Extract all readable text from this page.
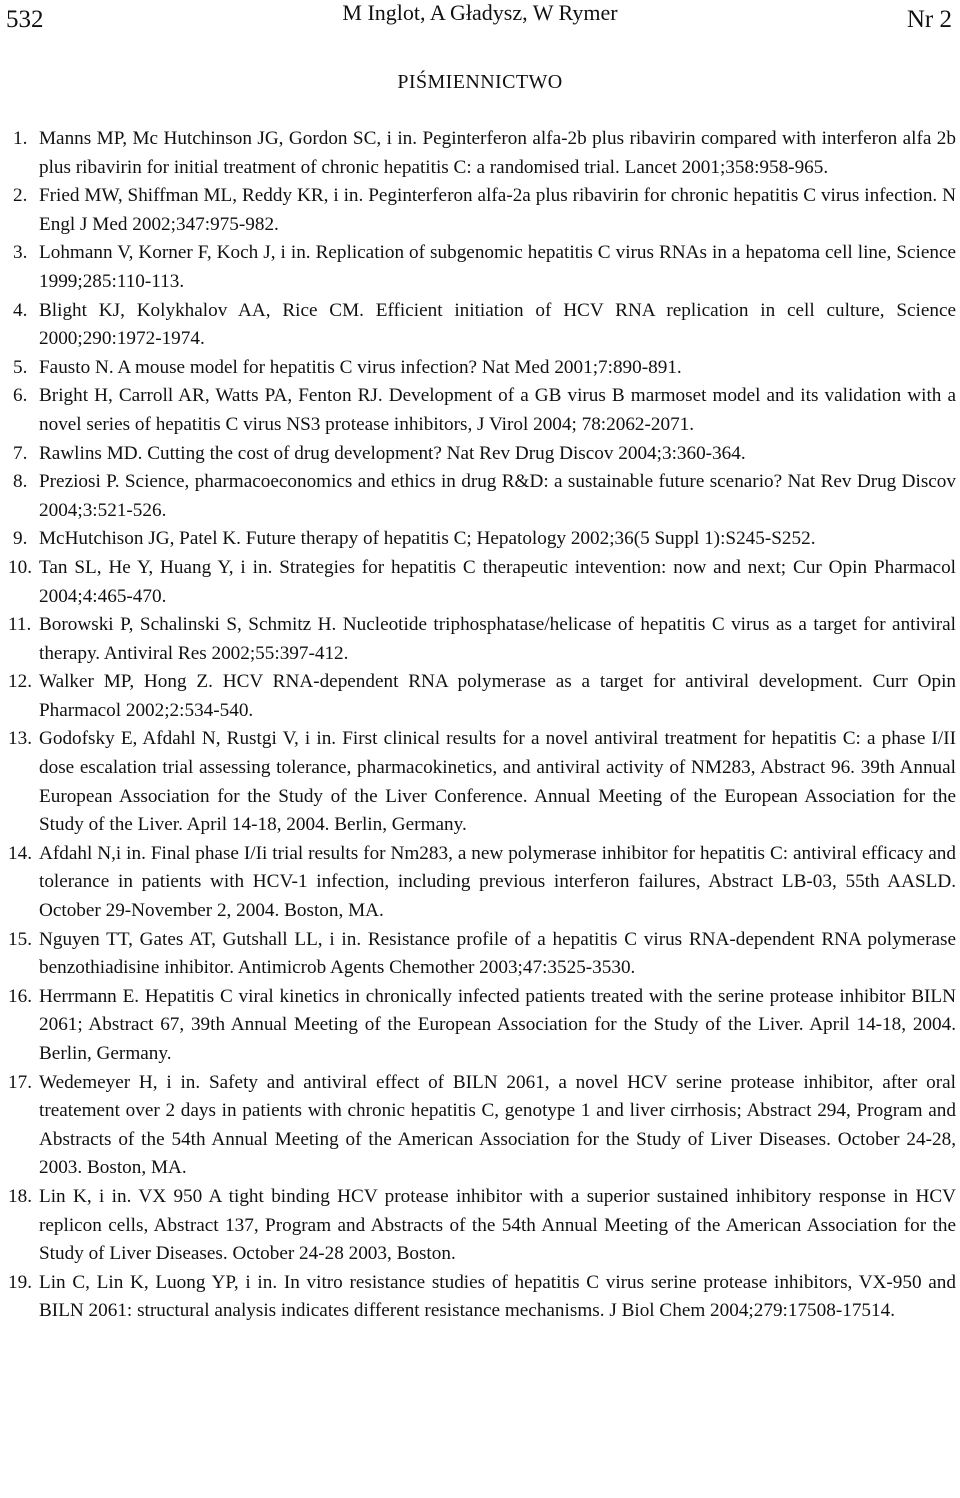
532	M Inglot, A Gładysz, W Rymer	Nr 2
PIŚMIENNICTWO
1. Manns MP, Mc Hutchinson JG, Gordon SC, i in. Peginterferon alfa-2b plus ribavirin compared with interferon alfa 2b plus ribavirin for initial treatment of chronic hepatitis C: a randomised trial. Lancet 2001;358:958-965.
2. Fried MW, Shiffman ML, Reddy KR, i in. Peginterferon alfa-2a plus ribavirin for chronic hepatitis C virus infection. N Engl J Med 2002;347:975-982.
3. Lohmann V, Korner F, Koch J, i in. Replication of subgenomic hepatitis C virus RNAs in a hepatoma cell line, Science 1999;285:110-113.
4. Blight KJ, Kolykhalov AA, Rice CM. Efficient initiation of HCV RNA replication in cell culture, Science 2000;290:1972-1974.
5. Fausto N. A mouse model for hepatitis C virus infection? Nat Med 2001;7:890-891.
6. Bright H, Carroll AR, Watts PA, Fenton RJ. Development of a GB virus B marmoset model and its validation with a novel series of hepatitis C virus NS3 protease inhibitors, J Virol 2004; 78:2062-2071.
7. Rawlins MD. Cutting the cost of drug development? Nat Rev Drug Discov 2004;3:360-364.
8. Preziosi P. Science, pharmacoeconomics and ethics in drug R&D: a sustainable future scenario? Nat Rev Drug Discov 2004;3:521-526.
9. McHutchison JG, Patel K. Future therapy of hepatitis C; Hepatology 2002;36(5 Suppl 1):S245-S252.
10. Tan SL, He Y, Huang Y, i in. Strategies for hepatitis C therapeutic intevention: now and next; Cur Opin Pharmacol 2004;4:465-470.
11. Borowski P, Schalinski S, Schmitz H. Nucleotide triphosphatase/helicase of hepatitis C virus as a target for antiviral therapy. Antiviral Res 2002;55:397-412.
12. Walker MP, Hong Z. HCV RNA-dependent RNA polymerase as a target for antiviral development. Curr Opin Pharmacol 2002;2:534-540.
13. Godofsky E, Afdahl N, Rustgi V, i in. First clinical results for a novel antiviral treatment for hepatitis C: a phase I/II dose escalation trial assessing tolerance, pharmacokinetics, and antiviral activity of NM283, Abstract 96. 39th Annual European Association for the Study of the Liver Conference. Annual Meeting of the European Association for the Study of the Liver. April 14-18, 2004. Berlin, Germany.
14. Afdahl N,i in. Final phase I/Ii trial results for Nm283, a new polymerase inhibitor for hepatitis C: antiviral efficacy and tolerance in patients with HCV-1 infection, including previous interferon failures, Abstract LB-03, 55th AASLD. October 29-November 2, 2004. Boston, MA.
15. Nguyen TT, Gates AT, Gutshall LL, i in. Resistance profile of a hepatitis C virus RNA-dependent RNA polymerase benzothiadisine inhibitor. Antimicrob Agents Chemother 2003;47:3525-3530.
16. Herrmann E. Hepatitis C viral kinetics in chronically infected patients treated with the serine protease inhibitor BILN 2061; Abstract 67, 39th Annual Meeting of the European Association for the Study of the Liver. April 14-18, 2004. Berlin, Germany.
17. Wedemeyer H, i in. Safety and antiviral effect of BILN 2061, a novel HCV serine protease inhibitor, after oral treatement over 2 days in patients with chronic hepatitis C, genotype 1 and liver cirrhosis; Abstract 294, Program and Abstracts of the 54th Annual Meeting of the American Association for the Study of Liver Diseases. October 24-28, 2003. Boston, MA.
18. Lin K, i in. VX 950 A tight binding HCV protease inhibitor with a superior sustained inhibitory response in HCV replicon cells, Abstract 137, Program and Abstracts of the 54th Annual Meeting of the American Association for the Study of Liver Diseases. October 24-28 2003, Boston.
19. Lin C, Lin K, Luong YP, i in. In vitro resistance studies of hepatitis C virus serine protease inhibitors, VX-950 and BILN 2061: structural analysis indicates different resistance mechanisms. J Biol Chem 2004;279:17508-17514.
